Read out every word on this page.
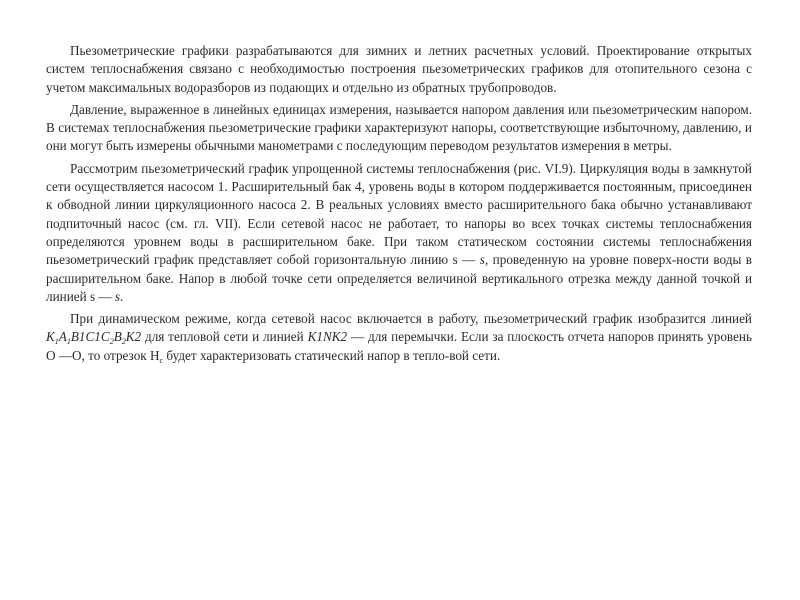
Пьезометрические графики разрабатываются для зимних и летних расчетных условий. Проектирование открытых систем теплоснабжения связано с необходимостью построения пьезометрических графиков для отопительного сезона с учетом максимальных водоразборов из подающих и отдельно из обратных трубопроводов.

Давление, выраженное в линейных единицах измерения, называется напором давления или пьезометрическим напором. В системах теплоснабжения пьезометрические графики характеризуют напоры, соответствующие избыточному, давлению, и они могут быть измерены обычными манометрами с последующим переводом результатов измерения в метры.

Рассмотрим пьезометрический график упрощенной системы теплоснабжения (рис. VI.9). Циркуляция воды в замкнутой сети осуществляется насосом 1. Расширительный бак 4, уровень воды в котором поддерживается постоянным, присоединен к обводной линии циркуляционного насоса 2. В реальных условиях вместо расширительного бака обычно устанавливают подпиточный насос (см. гл. VII). Если сетевой насос не работает, то напоры во всех точках системы теплоснабжения определяются уровнем воды в расширительном баке. При таком статическом состоянии системы теплоснабжения пьезометрический график представляет собой горизонтальную линию s — s, проведенную на уровне поверх-ности воды в расширительном баке. Напор в любой точке сети определяется величиной вертикального отрезка между данной точкой и линией s — s.

При динамическом режиме, когда сетевой насос включается в работу, пьезометрический график изобразится линией $K_1A_1B1C1C_2B_2K2$ для тепловой сети и линией K1NK2 — для перемычки. Если за плоскость отчета напоров принять уровень О —О, то отрезок $Н_с$ будет характеризовать статический напор в тепло-вой сети.
